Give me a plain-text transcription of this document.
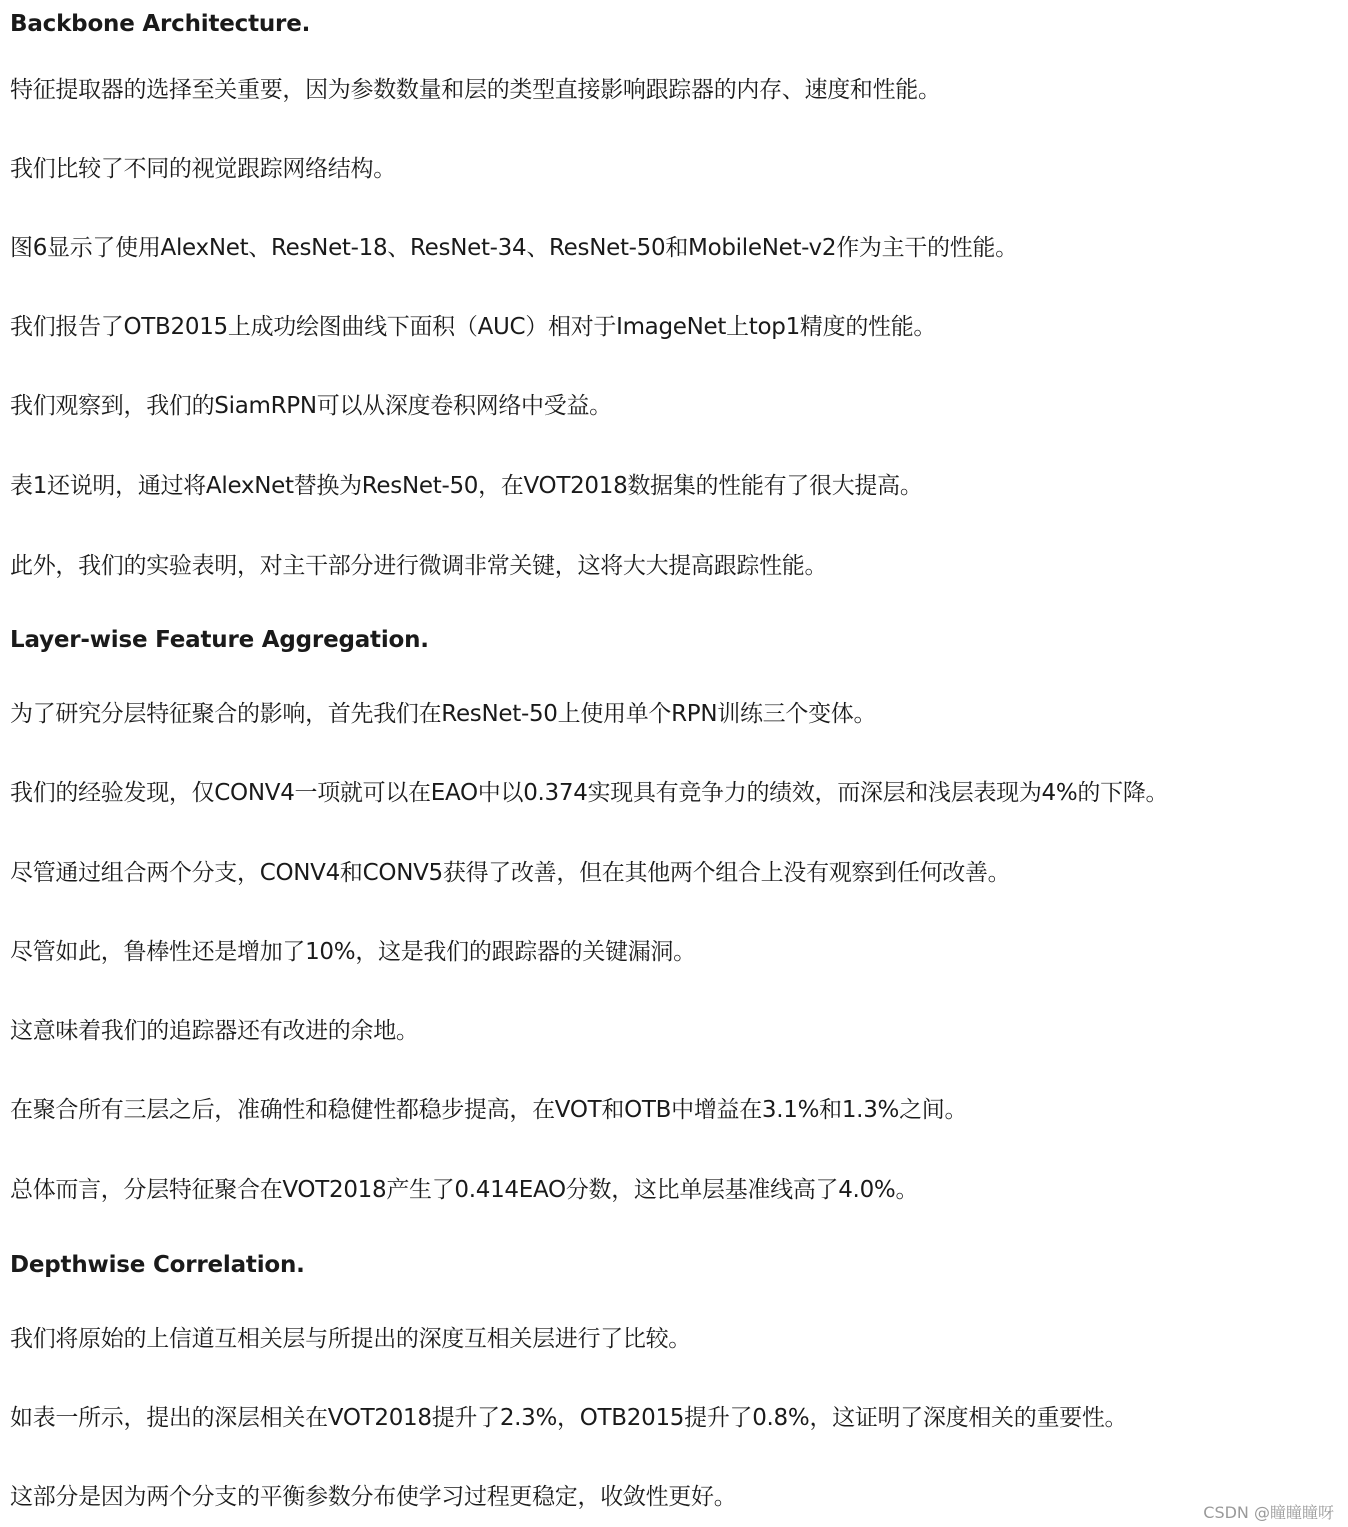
Backbone Architecture.
特征提取器的选择至关重要，因为参数数量和层的类型直接影响跟踪器的内存、速度和性能。
我们比较了不同的视觉跟踪网络结构。
图6显示了使用AlexNet、ResNet-18、ResNet-34、ResNet-50和MobileNet-v2作为主干的性能。
我们报告了OTB2015上成功绘图曲线下面积（AUC）相对于ImageNet上top1精度的性能。
我们观察到，我们的SiamRPN可以从深度卷积网络中受益。
表1还说明，通过将AlexNet替换为ResNet-50，在VOT2018数据集的性能有了很大提高。
此外，我们的实验表明，对主干部分进行微调非常关键，这将大大提高跟踪性能。
Layer-wise Feature Aggregation.
为了研究分层特征聚合的影响，首先我们在ResNet-50上使用单个RPN训练三个变体。
我们的经验发现，仅CONV4一项就可以在EAO中以0.374实现具有竞争力的绩效，而深层和浅层表现为4%的下降。
尽管通过组合两个分支，CONV4和CONV5获得了改善，但在其他两个组合上没有观察到任何改善。
尽管如此，鲁棒性还是增加了10%，这是我们的跟踪器的关键漏洞。
这意味着我们的追踪器还有改进的余地。
在聚合所有三层之后，准确性和稳健性都稳步提高，在VOT和OTB中增益在3.1%和1.3%之间。
总体而言，分层特征聚合在VOT2018产生了0.414EAO分数，这比单层基准线高了4.0%。
Depthwise Correlation.
我们将原始的上信道互相关层与所提出的深度互相关层进行了比较。
如表一所示，提出的深层相关在VOT2018提升了2.3%，OTB2015提升了0.8%，这证明了深度相关的重要性。
这部分是因为两个分支的平衡参数分布使学习过程更稳定，收敛性更好。
CSDN @瞳瞳瞳呀
